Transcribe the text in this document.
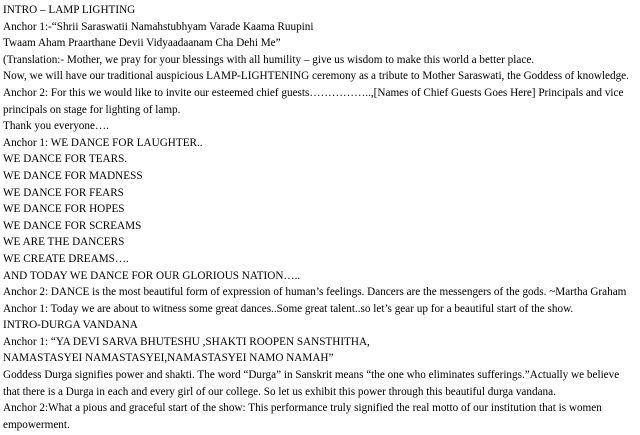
INTRO – LAMP LIGHTING

Anchor 1:-“Shrii Saraswatii Namahstubhyam Varade Kaama Ruupini

Twaam Aham Praarthane Devii Vidyaadaanam Cha Dehi Me”

(Translation:- Mother, we pray for your blessings with all humility – give us wisdom to make this world a better place.

Now, we will have our traditional auspicious LAMP-LIGHTENING ceremony as a tribute to Mother Saraswati, the Goddess of knowledge.

Anchor 2: For this we would like to invite our esteemed chief guests……………..,[Names of Chief Guests Goes Here] Principals and vice principals on stage for lighting of lamp.

Thank you everyone….

Anchor 1: WE DANCE FOR LAUGHTER..

WE DANCE FOR TEARS.

WE DANCE FOR MADNESS

WE DANCE FOR FEARS

WE DANCE FOR HOPES

WE DANCE FOR SCREAMS

WE ARE THE DANCERS

WE CREATE DREAMS….

AND TODAY WE DANCE FOR OUR GLORIOUS NATION…..

Anchor 2: DANCE is the most beautiful form of expression of human’s feelings. Dancers are the messengers of the gods. ~Martha Graham

Anchor 1: Today we are about to witness some great dances..Some great talent..so let’s gear up for a beautiful start of the show.

INTRO-DURGA VANDANA

Anchor 1: “YA DEVI SARVA BHUTESHU ,SHAKTI ROOPEN SANSTHITHA,

NAMASTASYEI NAMASTASYEI,NAMASTASYEI NAMO NAMAH”

Goddess Durga signifies power and shakti. The word “Durga” in Sanskrit means “the one who eliminates sufferings.”Actually we believe that there is a Durga in each and every girl of our college. So let us exhibit this power through this beautiful durga vandana.

Anchor 2:What a pious and graceful start of the show: This performance truly signified the real motto of our institution that is women empowerment.
